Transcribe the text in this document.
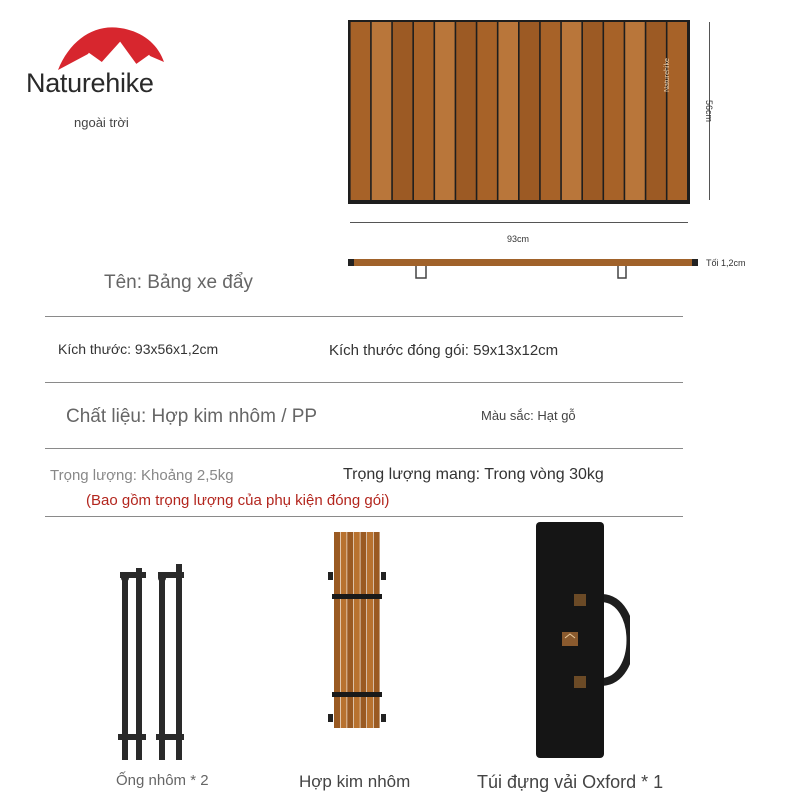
Naturehike
ngoài trời
Naturehike
56cm
93cm
Tối 1,2cm
Tên: Bảng xe đẩy
Kích thước: 93x56x1,2cm	Kích thước đóng gói: 59x13x12cm
Chất liệu: Hợp kim nhôm / PP	Màu sắc: Hạt gỗ
Trọng lượng: Khoảng 2,5kg	Trọng lượng mang: Trong vòng 30kg
(Bao gồm trọng lượng của phụ kiện đóng gói)
Ống nhôm * 2	Hợp kim nhôm	Túi đựng vải Oxford * 1
